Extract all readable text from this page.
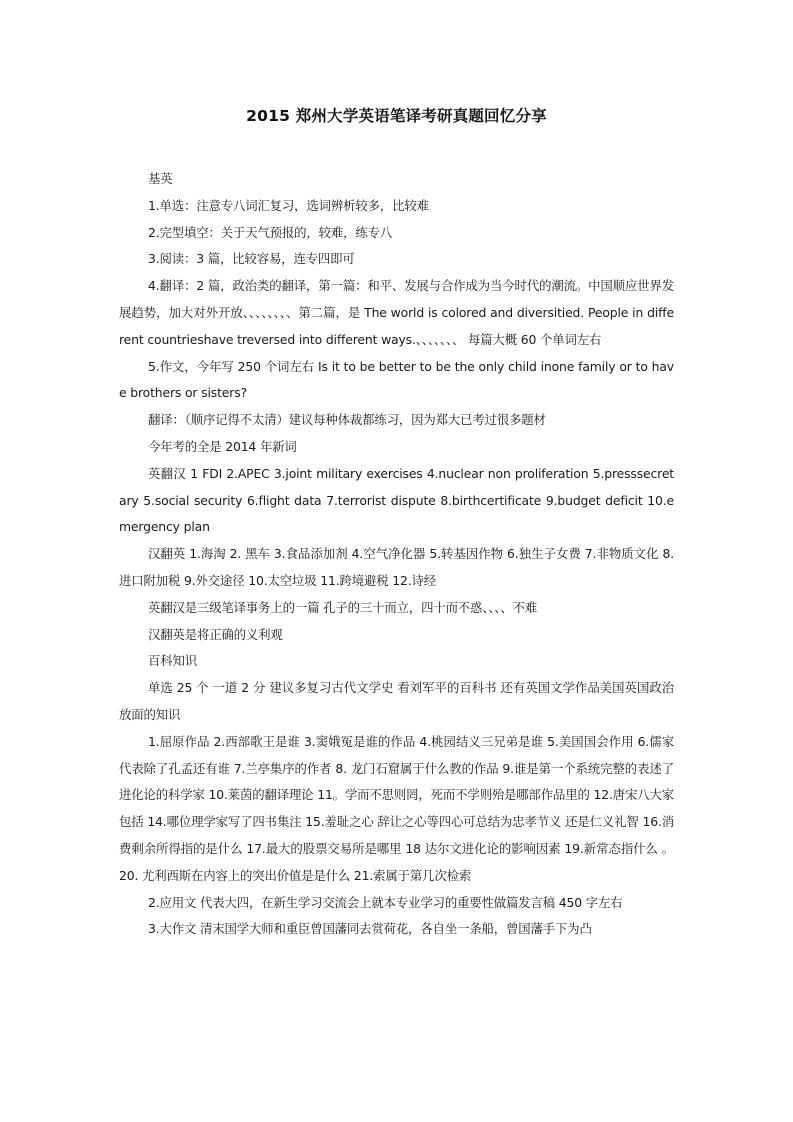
2015 郑州大学英语笔译考研真题回忆分享

基英

1.单选：注意专八词汇复习，选词辨析较多，比较难

2.完型填空：关于天气预报的，较难，练专八

3.阅读：3 篇，比较容易，连专四即可

4.翻译：2 篇，政治类的翻译，第一篇：和平、发展与合作成为当今时代的潮流。中国顺应世界发展趋势，加大对外开放、、、、、、、、第二篇，是 The world is colored and diversitied. People in different countrieshave treversed into different ways.、、、、、、、 每篇大概 60 个单词左右

5.作文，今年写 250 个词左右 Is it to be better to be the only child inone family or to have brothers or sisters?

翻译：（顺序记得不太清）建议每种体裁都练习，因为郑大已考过很多题材

今年考的全是 2014 年新词

英翻汉 1 FDI 2.APEC 3.joint military exercises 4.nuclear non proliferation 5.presssecretary 5.social security 6.flight data 7.terrorist dispute 8.birthcertificate 9.budget deficit 10.emergency plan

汉翻英 1.海淘 2. 黑车 3.食品添加剂 4.空气净化器 5.转基因作物 6.独生子女费 7.非物质文化 8.进口附加税 9.外交途径 10.太空垃圾 11.跨境避税 12.诗经

英翻汉是三级笔译事务上的一篇 孔子的三十而立，四十而不惑、、、、不难

汉翻英是将正确的义利观

百科知识

单选 25 个 一道 2 分 建议多复习古代文学史 看刘军平的百科书 还有英国文学作品美国英国政治放面的知识

1.屈原作品 2.西部歌王是谁 3.窦娥冤是谁的作品 4.桃园结义三兄弟是谁 5.美国国会作用 6.儒家代表除了孔孟还有谁 7.兰亭集序的作者 8. 龙门石窟属于什么教的作品 9.谁是第一个系统完整的表述了进化论的科学家 10.莱茵的翻译理论 11。学而不思则罔，死而不学则殆是哪部作品里的 12.唐宋八大家包括 14.哪位理学家写了四书集注 15.羞耻之心 辞让之心等四心可总结为忠孝节义 还是仁义礼智 16.消费剩余所得指的是什么 17.最大的股票交易所是哪里 18 达尔文进化论的影响因素 19.新常态指什么 。20. 尤利西斯在内容上的突出价值是是什么 21.索属于第几次检索

2.应用文 代表大四，在新生学习交流会上就本专业学习的重要性做篇发言稿 450 字左右

3.大作文 清末国学大师和重臣曾国藩同去赏荷花，各自坐一条船，曾国藩手下为凸
